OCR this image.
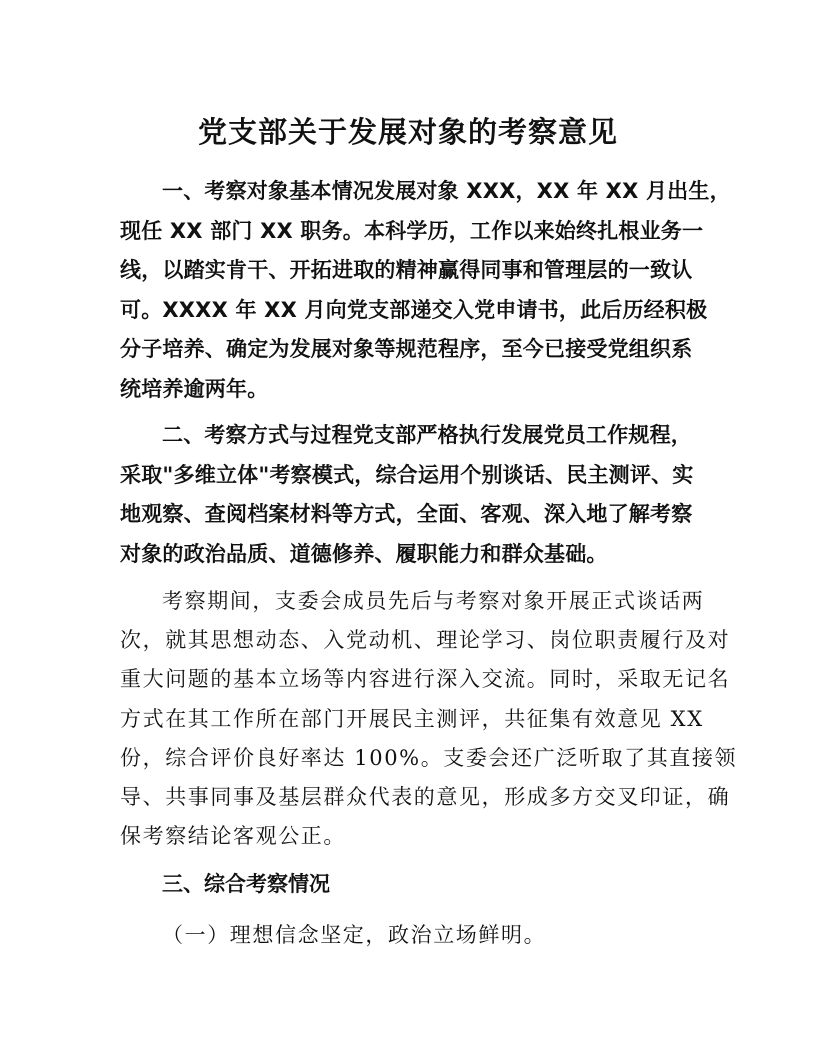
党支部关于发展对象的考察意见
一、考察对象基本情况发展对象 XXX，XX 年 XX 月出生，
现任 XX 部门 XX 职务。本科学历，工作以来始终扎根业务一
线，以踏实肯干、开拓进取的精神赢得同事和管理层的一致认
可。XXXX 年 XX 月向党支部递交入党申请书，此后历经积极
分子培养、确定为发展对象等规范程序，至今已接受党组织系
统培养逾两年。
二、考察方式与过程党支部严格执行发展党员工作规程，
采取"多维立体"考察模式，综合运用个别谈话、民主测评、实
地观察、查阅档案材料等方式，全面、客观、深入地了解考察
对象的政治品质、道德修养、履职能力和群众基础。
考察期间，支委会成员先后与考察对象开展正式谈话两
次，就其思想动态、入党动机、理论学习、岗位职责履行及对
重大问题的基本立场等内容进行深入交流。同时，采取无记名
方式在其工作所在部门开展民主测评，共征集有效意见 XX
份，综合评价良好率达 100%。支委会还广泛听取了其直接领
导、共事同事及基层群众代表的意见，形成多方交叉印证，确
保考察结论客观公正。
三、综合考察情况

（一）理想信念坚定，政治立场鲜明。
